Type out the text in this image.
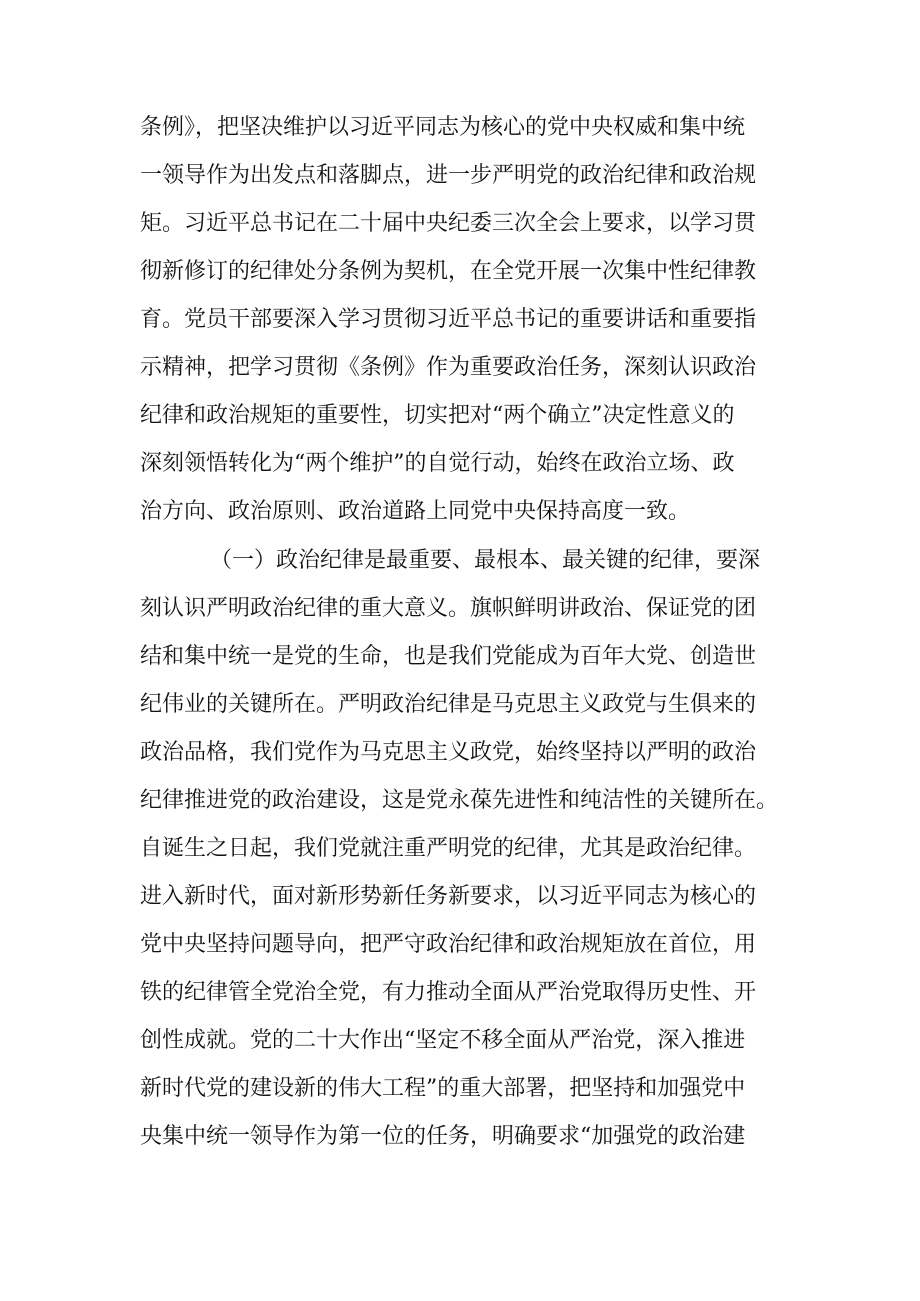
条例》，把坚决维护以习近平同志为核心的党中央权威和集中统
一领导作为出发点和落脚点，进一步严明党的政治纪律和政治规
矩。习近平总书记在二十届中央纪委三次全会上要求，以学习贯
彻新修订的纪律处分条例为契机，在全党开展一次集中性纪律教
育。党员干部要深入学习贯彻习近平总书记的重要讲话和重要指
示精神，把学习贯彻《条例》作为重要政治任务，深刻认识政治
纪律和政治规矩的重要性，切实把对“两个确立”决定性意义的
深刻领悟转化为“两个维护”的自觉行动，始终在政治立场、政
治方向、政治原则、政治道路上同党中央保持高度一致。
（一）政治纪律是最重要、最根本、最关键的纪律，要深
刻认识严明政治纪律的重大意义。旗帜鲜明讲政治、保证党的团
结和集中统一是党的生命，也是我们党能成为百年大党、创造世
纪伟业的关键所在。严明政治纪律是马克思主义政党与生俱来的
政治品格，我们党作为马克思主义政党，始终坚持以严明的政治
纪律推进党的政治建设，这是党永葆先进性和纯洁性的关键所在。
自诞生之日起，我们党就注重严明党的纪律，尤其是政治纪律。
进入新时代，面对新形势新任务新要求，以习近平同志为核心的
党中央坚持问题导向，把严守政治纪律和政治规矩放在首位，用
铁的纪律管全党治全党，有力推动全面从严治党取得历史性、开
创性成就。党的二十大作出“坚定不移全面从严治党，深入推进
新时代党的建设新的伟大工程”的重大部署，把坚持和加强党中
央集中统一领导作为第一位的任务，明确要求“加强党的政治建
